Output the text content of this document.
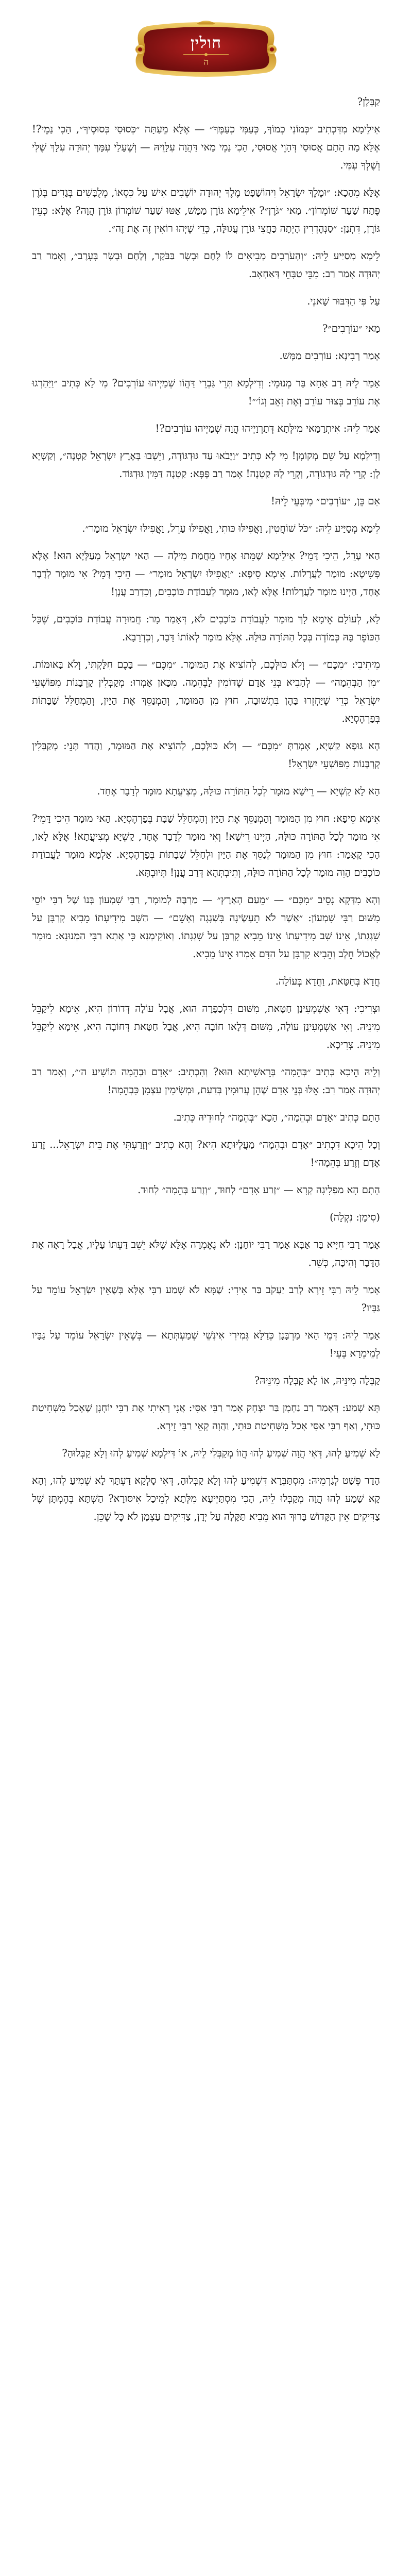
חולין
ה

קַבְּלָן?

אִילֵימָא מִדִּכְתִיב ״כְּמוֹנִי כְמוֹךָ, כְּעַמִּי כְעַמֶּךָ״ — אֶלָּא מֵעַתָּה ״כְּסוּסַי כְּסוּסֶיךָ״, הָכִי נַמֵי?! אֶלָּא מָה הָתָם אֲסוּסַי דְּהָוֵי אֲסוּסַי, הָכִי נַמֵי מַאי דַּהֲוָה עִלָּוֵיהּ — וְשֶׁעָלַי עִמָּךְ יְהוּדָה עִלָּךְ שֶׁלִּי וְשֶׁלְּךָ עִמִּי.

אֶלָּא מֵהָכָא: ״וּמֶלֶךְ יִשְׂרָאֵל וִיהוֹשָׁפָט מֶלֶךְ יְהוּדָה יוֹשְׁבִים אִישׁ עַל כִּסְאוֹ, מְלֻבָּשִׁים בְּגָדִים בְּגֹרֶן פֶּתַח שַׁעַר שׁוֹמְרוֹן״. מַאי ״גֹּרֶן״? אִילֵימָא גּוֹרֶן מַמָּשׁ, אַטּוּ שַׁעַר שׁוֹמְרוֹן גּוֹרֶן הֲוָה? אֶלָּא: כְּעֵין גּוֹרֶן, דִּתְנַן: ״סַנְהֶדְרִין הָיְתָה כַּחֲצִי גּוֹרֶן עֲגוּלָּה, כְּדֵי שֶׁיְּהוּ רוֹאִין זֶה אֶת זֶה״.

לֵימָא מְסַיַּיע לֵיהּ: ״וְהָעֹרְבִים מְבִיאִים לוֹ לֶחֶם וּבָשָׂר בַּבֹּקֶר, וְלֶחֶם וּבָשָׂר בָּעָרֶב״, וְאָמַר רַב יְהוּדָה אָמַר רַב: מִבֵּי טַבָּחֵי דְּאַחְאָב.

עַל פִּי הַדִּבּוּר שָׁאנֵי.

מַאי ״עוֹרְבִים״?

אָמַר רָבִינָא: עוֹרְבִים מַמָּשׁ.

אָמַר לֵיהּ רַב אַחָא בַּר מְנוּמֵי: וְדִילְמָא תְּרֵי גַּבְרֵי דַּהֲוֹו שְׁמַיְיהוּ עוֹרְבִים? מִי לָא כְּתִיב ״וַיַּהַרְגוּ אֶת עוֹרֵב בְּצוּר עוֹרֵב וְאֶת זְאֵב וְגוֹ׳״!

אָמַר לֵיהּ: אִיתְרַמַּאי מִילְּתָא דְּתַרְוַיְיהוּ הֲוָה שְׁמַיְיהוּ עוֹרְבִים?!

וְדִילְמָא עַל שֵׁם מְקוֹמָן! מִי לָא כְּתִיב ״וַיָּבֹאוּ עַד גּוּדְגּוֹדָה, וַיֵּשְׁבוּ בְּאֶרֶץ יִשְׂרָאֵל קַטְנָה״, וְקַשְׁיָא לָן: קָרֵי לָהּ גּוּדְגּוֹדָה, וְקָרֵי לָהּ קַטְנָה! אָמַר רַב פָּפָּא: קַטְנָה דַּמִּין גּוּדְגּוֹד.

אִם כֵּן, ״עוֹרְבִים״ מִיבְּעֵי לֵיהּ!

לֵימָא מְסַיַּיע לֵיהּ: ״כֹּל שׁוֹחֲטִין, וַאֲפִילּוּ כּוּתִי, וַאֲפִילּוּ עָרֵל, וַאֲפִילּוּ יִשְׂרָאֵל מוּמָר״.

הַאי עָרֵל, הֵיכִי דָּמֵי? אִילֵימָא שֶׁמֵּתוּ אֶחָיו מֵחֲמַת מִילָה — הַאי יִשְׂרָאֵל מְעַלְּיָא הוּא! אֶלָּא פְּשִׁיטָא: מוּמָר לַעֲרָלוֹת. אֵימָא סֵיפָא: ״וַאֲפִילּוּ יִשְׂרָאֵל מוּמָר״ — הֵיכִי דָּמֵי? אִי מוּמָר לְדָבָר אֶחָד, הַיְינוּ מוּמָר לַעֲרָלוֹת! אֶלָּא לָאו, מוּמָר לְעַבוֹדַת כּוֹכָבִים, וְכִדְרַב עֲנָן!

לָא, לְעוֹלָם אֵימָא לָךְ מוּמָר לַעֲבוֹדַת כּוֹכָבִים לֹא, דְּאָמַר מָר: חֲמוּרָה עֲבוֹדַת כּוֹכָבִים, שֶׁכָּל הַכּוֹפֵר בָּהּ כְּמוֹדֶה בְּכָל הַתּוֹרָה כּוּלָּהּ. אֶלָּא מוּמָר לְאוֹתוֹ דָּבָר, וְכִדְרָבָא.

מֵיתִיבִי: ״מִכֶּם״ — וְלֹא כּוּלְּכֶם, לְהוֹצִיא אֶת הַמּוּמָר. ״מִכֶּם״ — בָּכֶם חִלַּקְתִּי, וְלֹא בָּאוּמּוֹת. ״מִן הַבְּהֵמָה״ — לְהָבִיא בְּנֵי אָדָם שֶׁדּוֹמִין לַבְּהֵמָה. מִכָּאן אָמְרוּ: מְקַבְּלִין קָרְבָּנוֹת מִפּוֹשְׁעֵי יִשְׂרָאֵל כְּדֵי שֶׁיַּחְזְרוּ בָּהֶן בִּתְשׁוּבָה, חוּץ מִן הַמּוּמָר, וְהַמְנַסֵּךְ אֶת הַיַּיִן, וְהַמְחַלֵּל שַׁבָּתוֹת בְּפַרְהֶסְיָא.

הָא גּוּפָא קַשְׁיָא, אָמְרַתְּ ״מִכֶּם״ — וְלֹא כּוּלְּכֶם, לְהוֹצִיא אֶת הַמּוּמָר, וַהֲדַר תָּנֵי: מְקַבְּלִין קָרְבָּנוֹת מִפּוֹשְׁעֵי יִשְׂרָאֵל!

הָא לָא קַשְׁיָא — רֵישָׁא מוּמָר לְכָל הַתּוֹרָה כּוּלָּהּ, מְצִיעֲתָא מוּמָר לְדָבָר אֶחָד.

אֵימָא סֵיפָא: חוּץ מִן הַמּוּמָר וְהַמְנַסֵּךְ אֶת הַיַּיִן וְהַמְחַלֵּל שַׁבָּת בְּפַרְהֶסְיָא. הַאי מוּמָר הֵיכִי דָּמֵי? אִי מוּמָר לְכָל הַתּוֹרָה כּוּלָּהּ, הַיְינוּ רֵישָׁא! וְאִי מוּמָר לְדָבָר אֶחָד, קַשְׁיָא מְצִיעֲתָא! אֶלָּא לָאו, הָכִי קָאָמַר: חוּץ מִן הַמּוּמָר לְנַסֵּךְ אֶת הַיַּיִן וּלְחַלֵּל שַׁבָּתוֹת בְּפַרְהֶסְיָא. אַלְמָא מוּמָר לַעֲבוֹדַת כּוֹכָבִים הָוֵה מוּמָר לְכָל הַתּוֹרָה כּוּלָּהּ, וְתִיבְתְּהָא דְּרַב עֲנָן! תְּיוּבְתָּא.

וְהָא מִדְּקָא נָסֵיב ״מִכֶּם״ — ״מֵעַם הָאָרֶץ״ — מַרְבֶּה לְמוּמָר, רַבִּי שִׁמְעוֹן בְּנוֹ שֶׁל רַבִּי יוֹסֵי מִשּׁוּם רַבִּי שִׁמְעוֹן: ״אֲשֶׁר לֹא תֵעָשֶׂינָה בִּשְׁגָגָה וְאָשֵׁם״ — הַשָּׁב מִידִיעָתוֹ מֵבִיא קָרְבָּן עַל שִׁגְגָתוֹ, אֵינוֹ שָׁב מִידִיעָתוֹ אֵינוֹ מֵבִיא קָרְבָּן עַל שִׁגְגָתוֹ. וְאוֹקִימְנָא כִּי אֲתָא רַבִּי הַמְנוּנָא: מוּמָר לֶאֱכוֹל חֵלֶב וְהֵבִיא קָרְבָּן עַל הַדָּם אָמְרוּ אֵינוֹ מֵבִיא.

חֲדָא בְּחַטָּאת, וַחֲדָא בְּעוֹלָה.

וּצְרִיכִי: דְּאִי אַשְׁמְעִינַן חַטָּאת, מִשּׁוּם דִּלְכַפָּרָה הוּא, אֲבָל עוֹלָה דְּדוֹרוֹן הִיא, אֵימָא לִיקַבֵּל מִינֵּיהּ. וְאִי אַשְׁמְעִינַן עוֹלָה, מִשּׁוּם דְּלָאו חוֹבָה הִיא, אֲבָל חַטָּאת דְּחוֹבָה הִיא, אֵימָא לִיקַבֵּל מִינֵּיהּ. צְרִיכָא.

וְלֵיהּ הֵיכָא כְּתִיב ״בְּהֵמָה״ בְּרֵאשִׁיתָא הוּא? וְהָכְתִיב: ״אָדָם וּבְהֵמָה תּוֹשִׁיעַ ה׳״, וְאָמַר רַב יְהוּדָה אָמַר רַב: אֵלּוּ בְּנֵי אָדָם שֶׁהֵן עֲרוּמִין בְּדַעַת, וּמְשִׂימִין עַצְמָן כִּבְהֵמָה!

הָתָם כְּתִיב ״אָדָם וּבְהֵמָה״, הָכָא ״בְּהֵמָה״ לְחוּדֵיהּ כְּתִיב.

וְכָל הֵיכָא דִּכְתִיב ״אָדָם וּבְהֵמָה״ מַעֲלְיוּתָא הִיא? וְהָא כְּתִיב ״וְזָרַעְתִּי אֶת בֵּית יִשְׂרָאֵל... זֶרַע אָדָם וְזֶרַע בְּהֵמָה״!

הָתָם הָא מַפְלִיגָה קְרָא — ״זֶרַע אָדָם״ לְחוּד, ״וְזֶרַע בְּהֵמָה״ לְחוּד.

(סִימָן: נִקְלָה)

אָמַר רַבִּי חִיָּיא בַּר אַבָּא אָמַר רַבִּי יוֹחָנָן: לֹא נֶאֶמְרָה אֶלָּא שֶׁלֹּא יֵשֵׁב דַּעְתּוֹ עָלָיו, אֲבָל רָאָה אֶת הַדָּבָר וְהִיכָּה, כְּשֵׁר.

אָמַר לֵיהּ רַבִּי זֵירָא לְרַב יַעֲקֹב בַּר אִידִי: שֶׁמָּא לֹא שָׁמַע רַבִּי אֶלָּא בְּשֶׁאֵין יִשְׂרָאֵל עוֹמֵד עַל גַּבָּיו?

אָמַר לֵיהּ: דְּמֵי הַאי מַרְבָּנָן כְּדַלָּא גְּמִירִי אִינְשֵׁי שְׁמַעְתְּתָא — בְּשֶׁאֵין יִשְׂרָאֵל עוֹמֵד עַל גַּבָּיו לְמֵימְרָא בְּעֵי!

קַבְּלָה מִינֵּיהּ, אוֹ לָא קַבְּלָה מִינֵּיהּ?

תָּא שְׁמַע: דְּאָמַר רַב נַחְמָן בַּר יִצְחָק אָמַר רַבִּי אַסִּי: אֲנִי רָאִיתִי אֶת רַבִּי יוֹחָנָן שֶׁאָכַל מִשְּׁחִיטַת כּוּתִי, וְאַף רַבִּי אַסִּי אָכַל מִשְּׁחִיטַת כּוּתִי, וַהֲוָה קָאֵי רַבִּי זֵירָא.

לָא שְׁמִיעַ לְהוּ, דְּאִי הֲוָה שְׁמִיעַ לְהוּ הֲווֹ מְקַבְּלִי לֵיהּ, אוֹ דִּילְמָא שְׁמִיעַ לְהוּ וְלָא קַבְּלוּהָ?

הָדַר פְּשַׁט לְגַרְמֵיהּ: מִסְתַּבְּרָא דִּשְׁמִיעַ לְהוּ וְלָא קַבְּלוּהָ, דְּאִי סָלְקָא דַּעְתָּךְ לָא שְׁמִיעַ לְהוּ, וְהָא קָא שָׁמַע לְהוּ הֲוָה מְקַבְּלוּ לֵיהּ, הָכִי מִסְתַּיְּיעָא מִלְּתָא לְמֵיכַל אִיסּוּרָא? הַשְׁתָּא בְּהֶמְתָּן שֶׁל צַדִּיקִים אֵין הַקָּדוֹשׁ בָּרוּךְ הוּא מֵבִיא תַּקָּלָה עַל יְדָן, צַדִּיקִים עַצְמָן לֹא כׇּל שֶׁכֵּן.
